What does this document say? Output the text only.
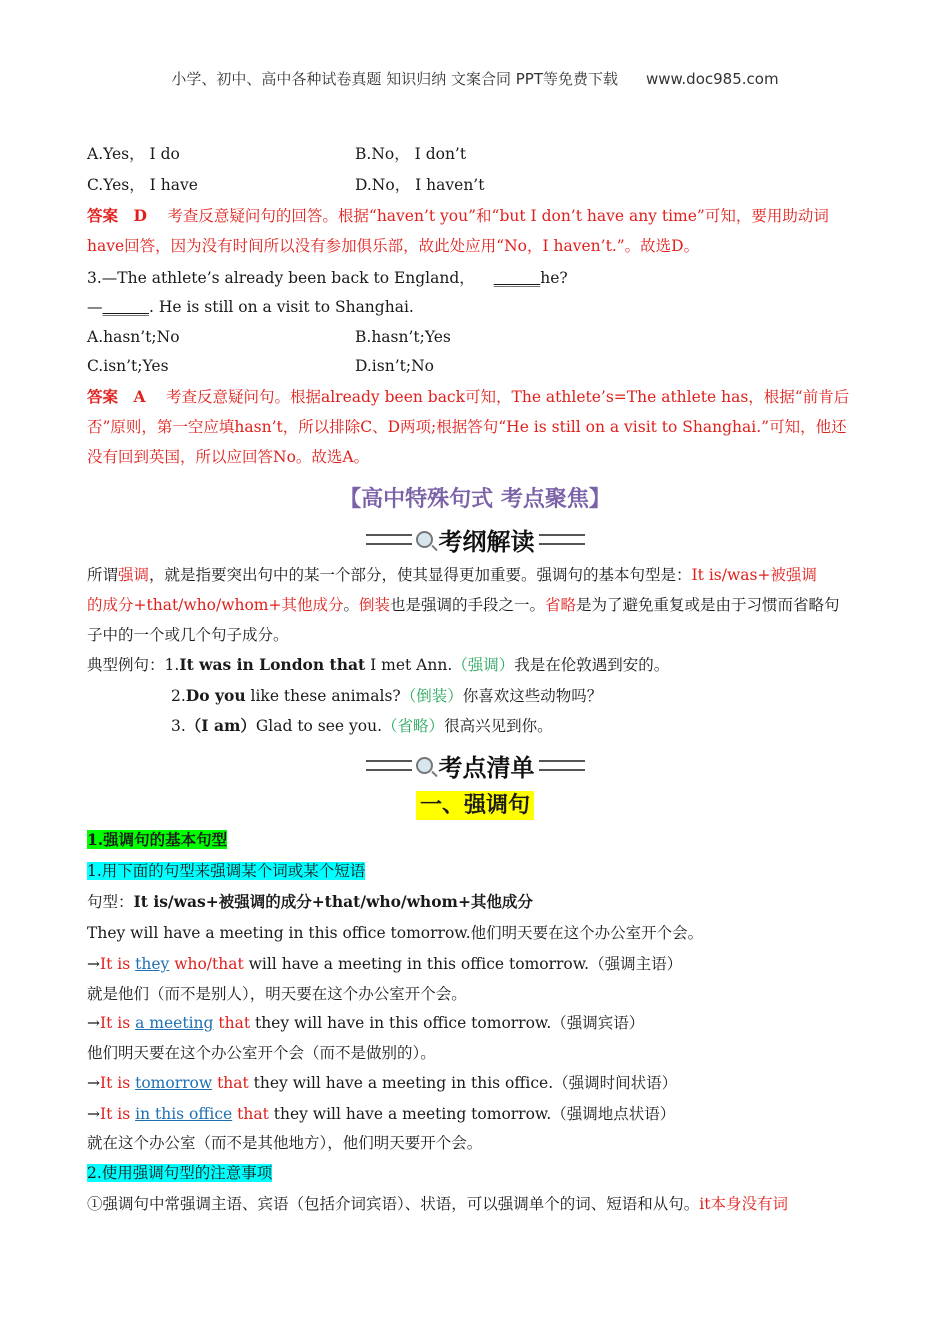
小学、初中、高中各种试卷真题 知识归纳 文案合同 PPT等免费下载 www.doc985.com
A.Yes， I do	B.No， I don’t
C.Yes， I have	D.No， I haven’t
答案　D　 考查反意疑问句的回答。根据“haven’t you”和“but I don’t have any time”可知，要用助动词
have回答，因为没有时间所以没有参加俱乐部，故此处应用“No，I haven’t.”。故选D。
3.—The athlete’s already been back to England， ______he?
—______. He is still on a visit to Shanghai.
A.hasn’t;No	B.hasn’t;Yes
C.isn’t;Yes	D.isn’t;No
答案　A　 考查反意疑问句。根据already been back可知，The athlete’s=The athlete has，根据“前肯后
否”原则，第一空应填hasn’t，所以排除C、D两项;根据答句“He is still on a visit to Shanghai.”可知，他还
没有回到英国，所以应回答No。故选A。
【高中特殊句式 考点聚焦】
考纲解读
所谓强调，就是指要突出句中的某一个部分，使其显得更加重要。强调句的基本句型是：It is/was+被强调
的成分+that/who/whom+其他成分。倒装也是强调的手段之一。省略是为了避免重复或是由于习惯而省略句
子中的一个或几个句子成分。
典型例句：1.It was in London that I met Ann.（强调）我是在伦敦遇到安的。
2.Do you like these animals?（倒装）你喜欢这些动物吗？
3.（I am）Glad to see you.（省略）很高兴见到你。
考点清单
一、强调句
1.强调句的基本句型
1.用下面的句型来强调某个词或某个短语
句型：It is/was+被强调的成分+that/who/whom+其他成分
They will have a meeting in this office tomorrow.他们明天要在这个办公室开个会。
→It is they who/that will have a meeting in this office tomorrow.（强调主语）
就是他们（而不是别人），明天要在这个办公室开个会。
→It is a meeting that they will have in this office tomorrow.（强调宾语）
他们明天要在这个办公室开个会（而不是做别的）。
→It is tomorrow that they will have a meeting in this office.（强调时间状语）
→It is in this office that they will have a meeting tomorrow.（强调地点状语）
就在这个办公室（而不是其他地方），他们明天要开个会。
2.使用强调句型的注意事项
①强调句中常强调主语、宾语（包括介词宾语）、状语，可以强调单个的词、短语和从句。it本身没有词
